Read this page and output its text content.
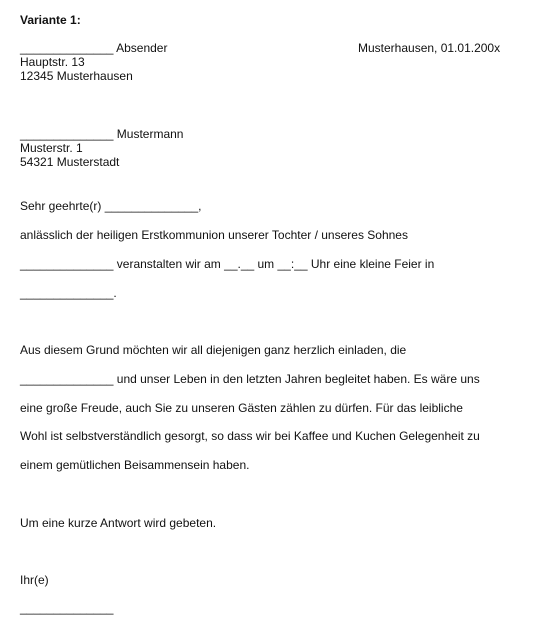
Variante 1:
______________ Absender	Musterhausen, 01.01.200x
Hauptstr. 13
12345 Musterhausen
______________ Mustermann
Musterstr. 1
54321 Musterstadt
Sehr geehrte(r) ______________,
anlässlich der heiligen Erstkommunion unserer Tochter / unseres Sohnes
______________ veranstalten wir am __.__ um __:__ Uhr eine kleine Feier in
______________.
Aus diesem Grund möchten wir all diejenigen ganz herzlich einladen, die
______________ und unser Leben in den letzten Jahren begleitet haben. Es wäre uns
eine große Freude, auch Sie zu unseren Gästen zählen zu dürfen. Für das leibliche
Wohl ist selbstverständlich gesorgt, so dass wir bei Kaffee und Kuchen Gelegenheit zu
einem gemütlichen Beisammensein haben.
Um eine kurze Antwort wird gebeten.
Ihr(e)
______________
